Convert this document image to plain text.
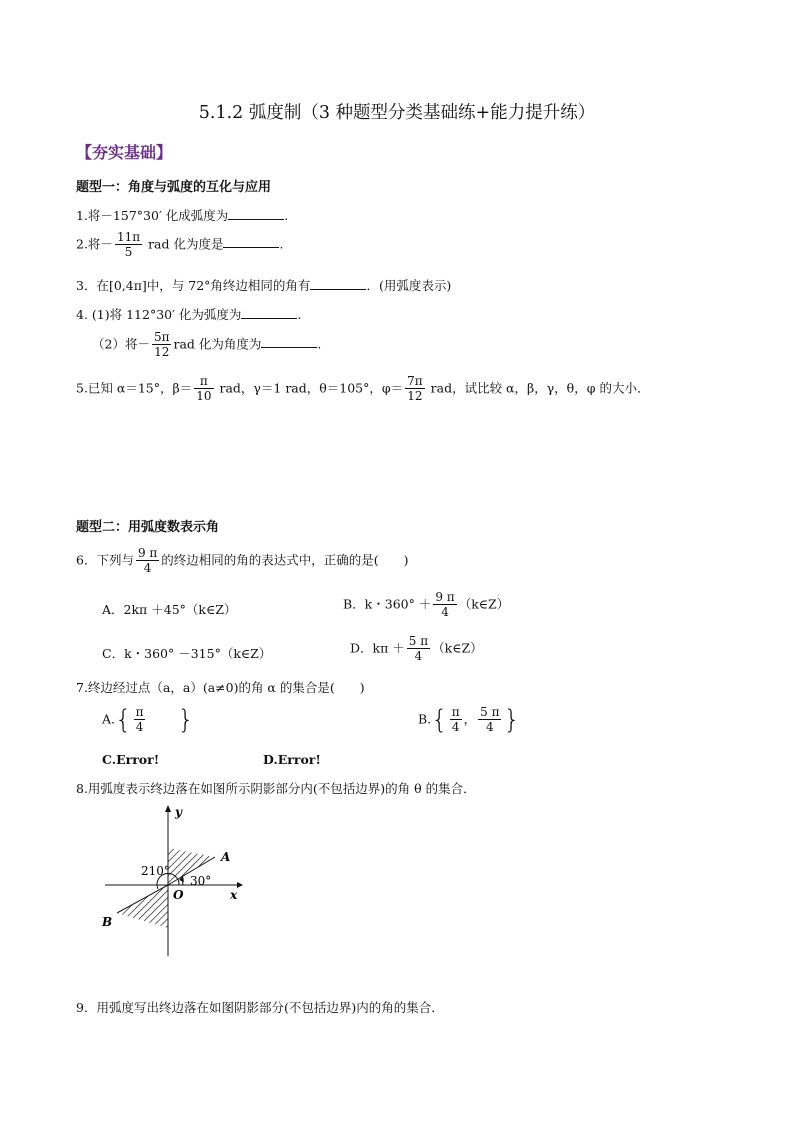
5.1.2 弧度制（3 种题型分类基础练+能力提升练）
【夯实基础】
题型一：角度与弧度的互化与应用
1.将－157°30′ 化成弧度为	.
2.将－ $\frac{11\pi}{5}$ rad 化为度是	.
3．在[0,4π]中，与 72°角终边相同的角有	．(用弧度表示)
4. (1)将 112°30′ 化为弧度为	.
（2）将－ $\frac{5\pi}{12}$ rad 化为角度为	.
5.已知 α＝15°，$\beta= \frac{\pi}{10}$ rad，γ＝1 rad，θ＝105°，$\varphi= \frac{7\pi}{12}$ rad，试比较 α，β，γ，θ，φ 的大小．
题型二：用弧度数表示角
6．下列与 $\frac{9 \pi}{4}$ 的终边相同的角的表达式中，正确的是(　　)
A．2kπ ＋45°（k∈Z）	B．k・$360^\circ + \frac{9 \pi}{4}$ （k∈Z）
C．k・360° －315°（k∈Z）	D．$k\pi + \frac{5 \pi}{4}$ （k∈Z）
7.终边经过点（a，a）(a≠0)的角 α 的集合是(　　)
$A.\{ \frac{\pi}{4}$ }	$B.\{ \frac{\pi}{4}$ ， $\frac{5 \pi}{4}$ }
C.Error!	D.Error!
8.用弧度表示终边落在如图所示阴影部分内(不包括边界)的角 θ 的集合．
y
x
O
A
B
210°
30°
9．用弧度写出终边落在如图阴影部分(不包括边界)内的角的集合．
